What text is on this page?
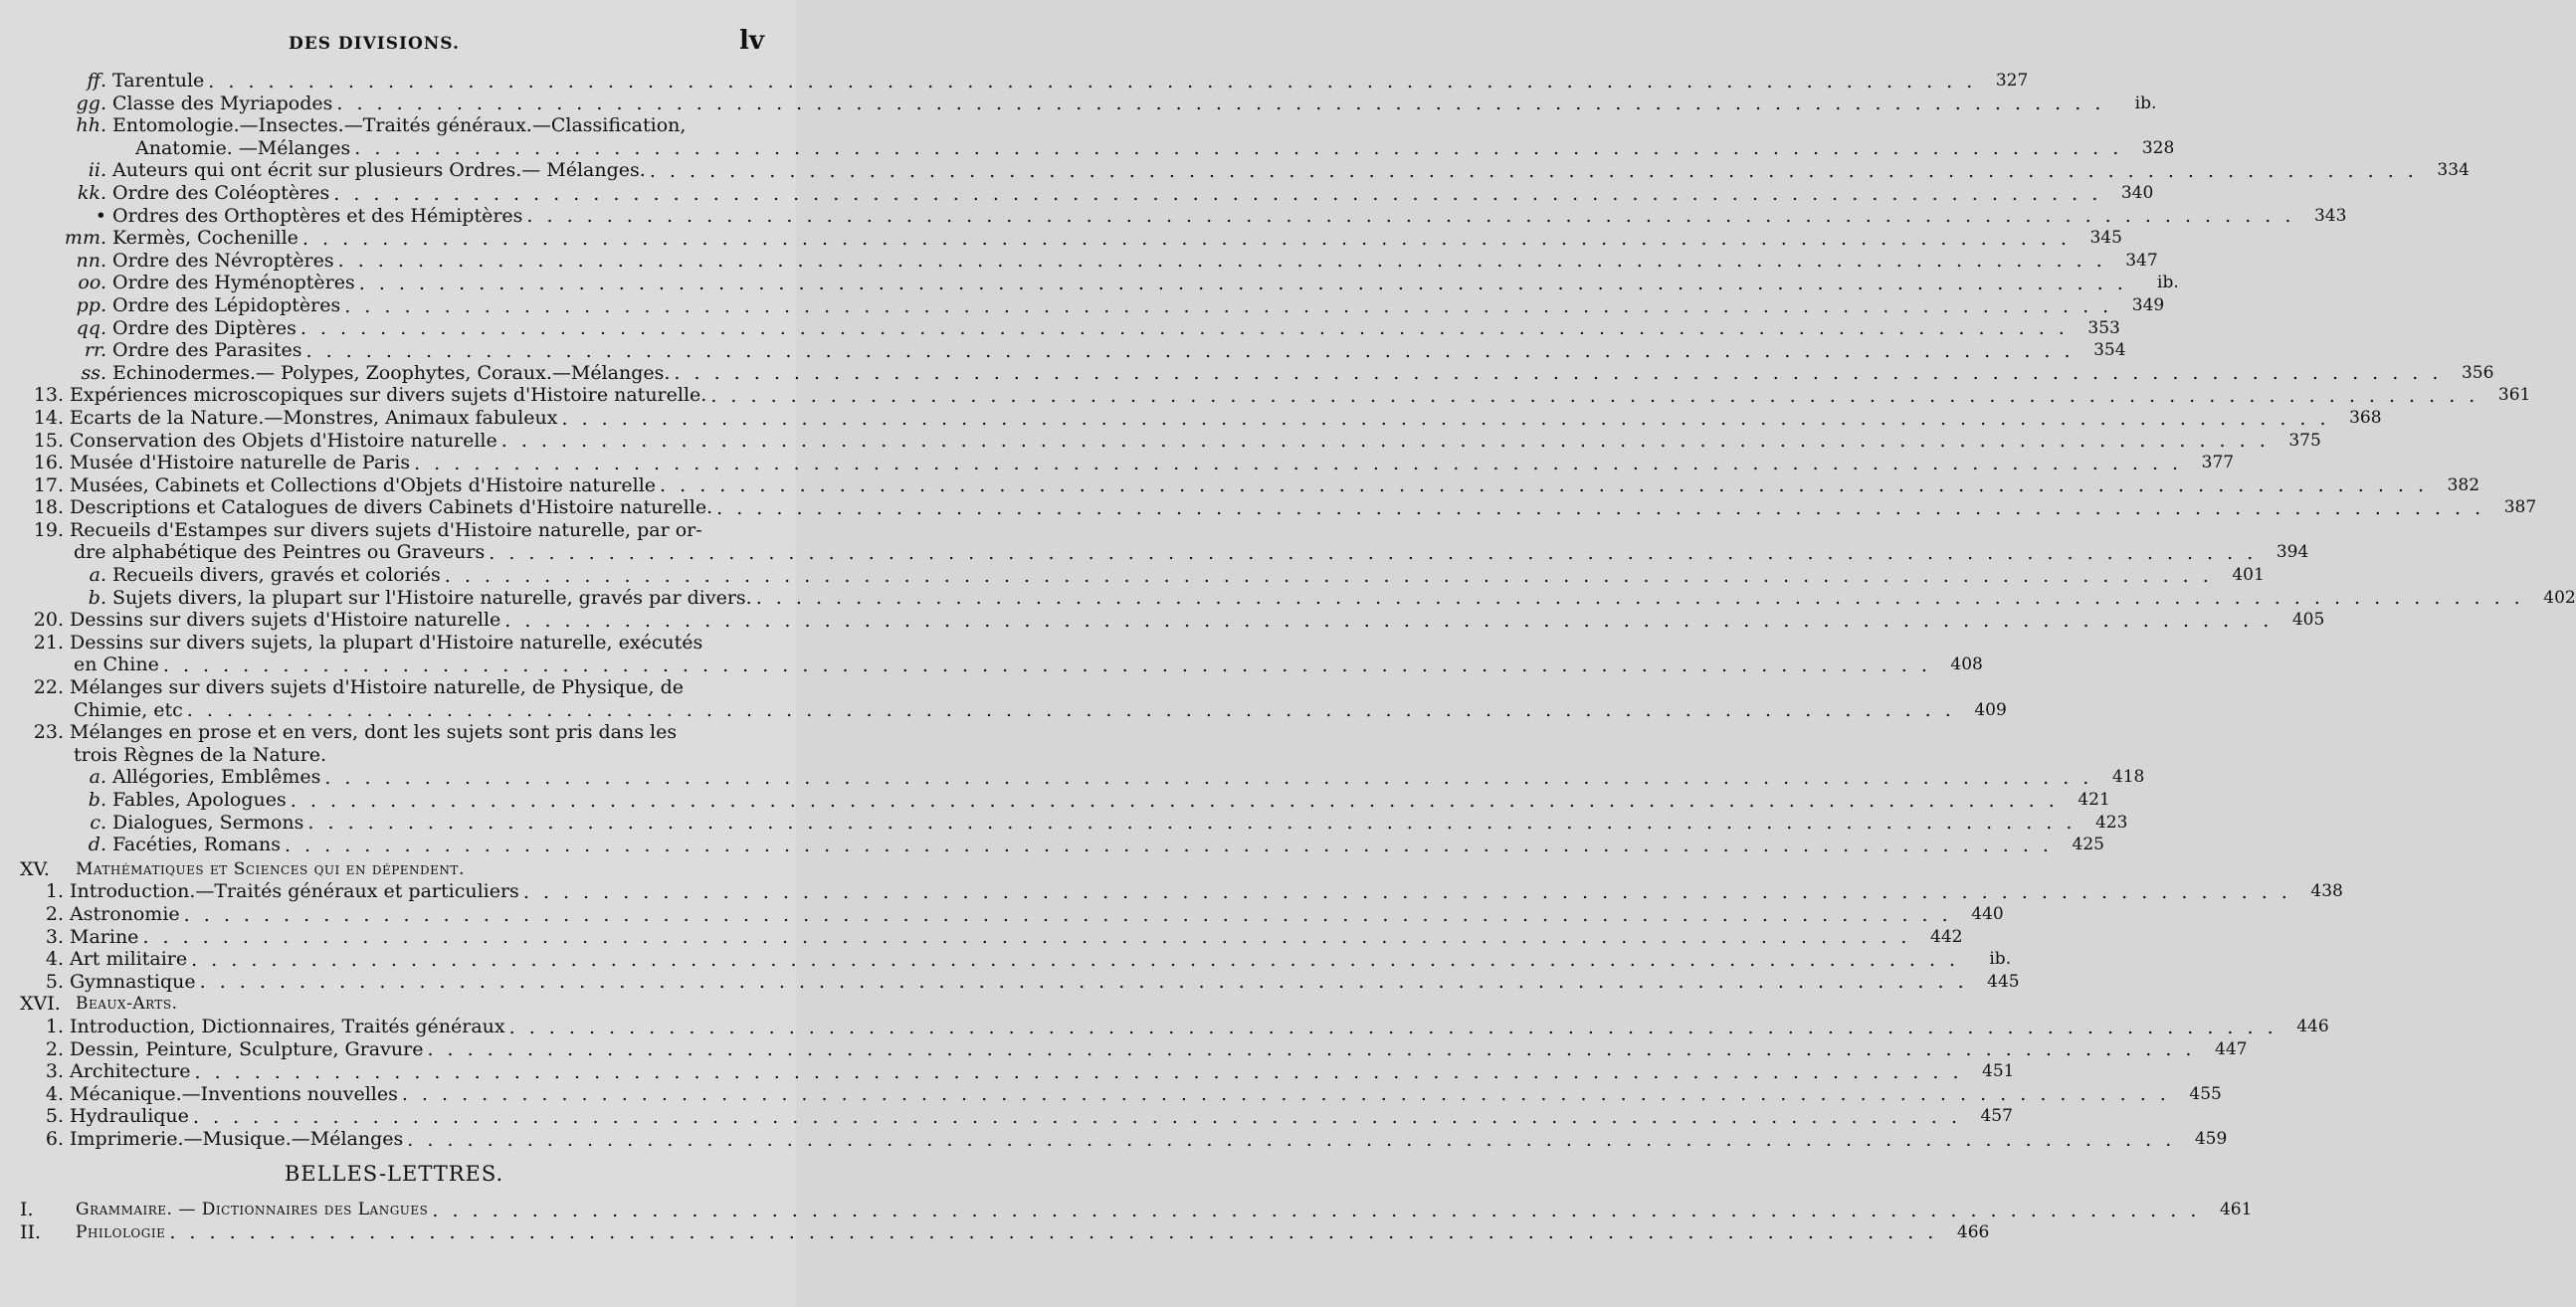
DES DIVISIONS.	lv
ff. Tarentule . . .	327
gg. Classe des Myriapodes . . .	ib.
hh. Entomologie.—Insectes.—Traités généraux.—Classification,
Anatomie. —Mélanges . . .	328
ii. Auteurs qui ont écrit sur plusieurs Ordres.— Mélanges. . . .	334
kk. Ordre des Coléoptères . . .	340
• Ordres des Orthoptères et des Hémiptères . . .	343
mm. Kermès, Cochenille . . .	345
nn. Ordre des Névroptères . . .	347
oo. Ordre des Hyménoptères . . .	ib.
pp. Ordre des Lépidoptères . . .	349
qq. Ordre des Diptères . . .	353
rr. Ordre des Parasites . . .	354
ss. Echinodermes.— Polypes, Zoophytes, Coraux.—Mélanges. . . .	356
13. Expériences microscopiques sur divers sujets d'Histoire naturelle. . . .	361
14. Ecarts de la Nature.—Monstres, Animaux fabuleux . . .	368
15. Conservation des Objets d'Histoire naturelle . . .	375
16. Musée d'Histoire naturelle de Paris . . .	377
17. Musées, Cabinets et Collections d'Objets d'Histoire naturelle . . .	382
18. Descriptions et Catalogues de divers Cabinets d'Histoire naturelle. . . .	387
19. Recueils d'Estampes sur divers sujets d'Histoire naturelle, par or-
dre alphabétique des Peintres ou Graveurs . . .	394
a. Recueils divers, gravés et coloriés . . .	401
b. Sujets divers, la plupart sur l'Histoire naturelle, gravés par divers. . . .	402
20. Dessins sur divers sujets d'Histoire naturelle . . .	405
21. Dessins sur divers sujets, la plupart d'Histoire naturelle, exécutés
en Chine . . .	408
22. Mélanges sur divers sujets d'Histoire naturelle, de Physique, de
Chimie, etc . . .	409
23. Mélanges en prose et en vers, dont les sujets sont pris dans les
trois Règnes de la Nature.
a. Allégories, Emblêmes . . .	418
b. Fables, Apologues . . .	421
c. Dialogues, Sermons . . .	423
d. Facéties, Romans . . .	425
XV.	Mathématiques et Sciences qui en dépendent.
1. Introduction.—Traités généraux et particuliers . . .	438
2. Astronomie . . .	440
3. Marine . . .	442
4. Art militaire . . .	ib.
5. Gymnastique . . .	445
XVI. Beaux-Arts.
1. Introduction, Dictionnaires, Traités généraux . . .	446
2. Dessin, Peinture, Sculpture, Gravure . . .	447
3. Architecture . . .	451
4. Mécanique.—Inventions nouvelles . . .	455
5. Hydraulique . . .	457
6. Imprimerie.—Musique.—Mélanges . . .	459
BELLES-LETTRES.
I.	Grammaire. — Dictionnaires des Langues . . .	461
II.	Philologie . . .	466
